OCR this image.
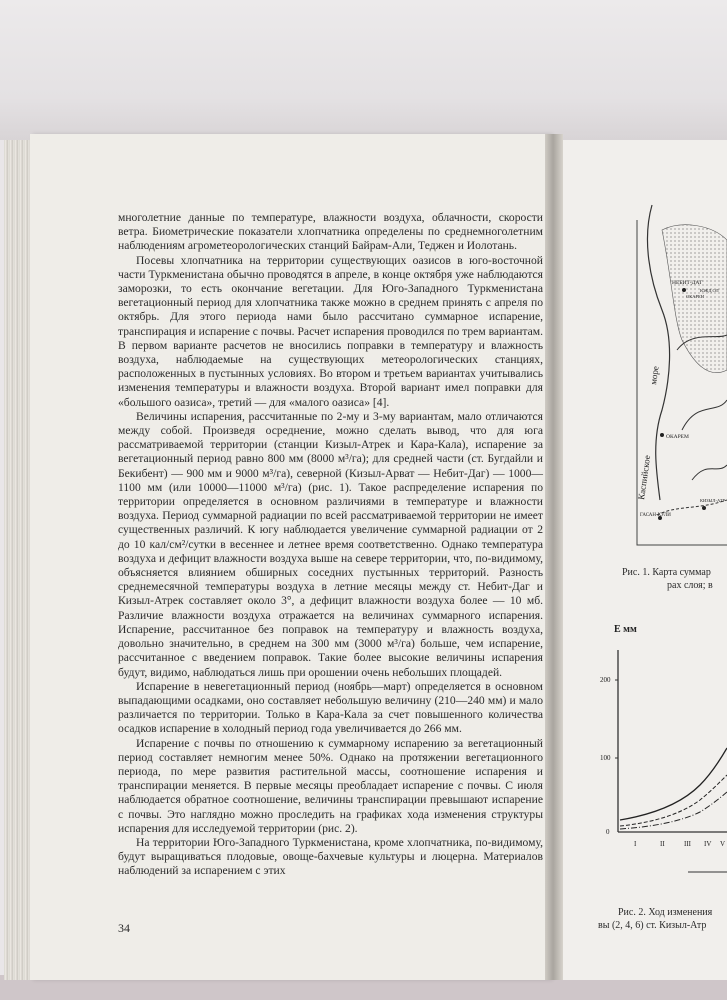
многолетние данные по температуре, влажности воздуха, облачности, скорости ветра. Биометрические показатели хлопчатника определены по среднемноголетним наблюдениям агрометеорологических станций Байрам-Али, Теджен и Иолотань.

Посевы хлопчатника на территории существующих оазисов в юго-восточной части Туркменистана обычно проводятся в апреле, в конце октября уже наблюдаются заморозки, то есть окончание вегетации. Для Юго-Западного Туркменистана вегетационный период для хлопчатника также можно в среднем принять с апреля по октябрь. Для этого периода нами было рассчитано суммарное испарение, транспирация и испарение с почвы. Расчет испарения проводился по трем вариантам. В первом варианте расчетов не вносились поправки в температуру и влажность воздуха, наблюдаемые на существующих метеорологических станциях, расположенных в пустынных условиях. Во втором и третьем вариантах учитывались изменения температуры и влажности воздуха. Второй вариант имел поправки для «большого оазиса», третий — для «малого оазиса» [4].

Величины испарения, рассчитанные по 2-му и 3-му вариантам, мало отличаются между собой. Произведя осреднение, можно сделать вывод, что для юга рассматриваемой территории (станции Кизыл-Атрек и Кара-Кала), испарение за вегетационный период равно 800 мм (8000 м³/га); для средней части (ст. Бугдайли и Бекибент) — 900 мм и 9000 м³/га), северной (Кизыл-Арват — Небит-Даг) — 1000—1100 мм (или 10000—11000 м³/га) (рис. 1). Такое распределение испарения по территории определяется в основном различиями в температуре и влажности воздуха. Период суммарной радиации по всей рассматриваемой территории не имеет существенных различий. К югу наблюдается увеличение суммарной радиации от 2 до 10 кал/см²/сутки в весеннее и летнее время соответственно. Однако температура воздуха и дефицит влажности воздуха выше на севере территории, что, по-видимому, объясняется влиянием обширных соседних пустынных территорий. Разность среднемесячной температуры воздуха в летние месяцы между ст. Небит-Даг и Кизыл-Атрек составляет около 3°, а дефицит влажности воздуха более — 10 мб. Различие влажности воздуха отражается на величинах суммарного испарения. Испарение, рассчитанное без поправок на температуру и влажность воздуха, довольно значительно, в среднем на 300 мм (3000 м³/га) больше, чем испарение, рассчитанное с введением поправок. Такие более высокие величины испарения будут, видимо, наблюдаться лишь при орошении очень небольших площадей.

Испарение в невегетационный период (ноябрь—март) определяется в основном выпадающими осадками, оно составляет небольшую величину (210—240 мм) и мало различается по территории. Только в Кара-Кала за счет повышенного количества осадков испарение в холодный период года увеличивается до 266 мм.

Испарение с почвы по отношению к суммарному испарению за вегетационный период составляет немногим менее 50%. Однако на протяжении вегетационного периода, по мере развития растительной массы, соотношение испарения и транспирации меняется. В первые месяцы преобладает испарение с почвы. С июля наблюдается обратное соотношение, величины транспирации превышают испарение с почвы. Это наглядно можно проследить на графиках хода изменения структуры испарения для исследуемой территории (рис. 2).

На территории Юго-Западного Туркменистана, кроме хлопчатника, по-видимому, будут выращиваться плодовые, овоще-бахчевые культуры и люцерна. Материалов наблюдений за испарением с этих

34
НЕБИТ-ДАГ
ЮЖД.ОЛ
ОКАРЕН
ОКАРЕМ
ГАСАН-КУЛИ
КИЗЫЛ-АТР
Каспийское
море
Рис. 1. Карта суммар
рах слоя; в
Е мм
200
100
0
I	II	III IV V
Рис. 2. Ход изменения
вы (2, 4, 6) ст. Кизыл-Атр
